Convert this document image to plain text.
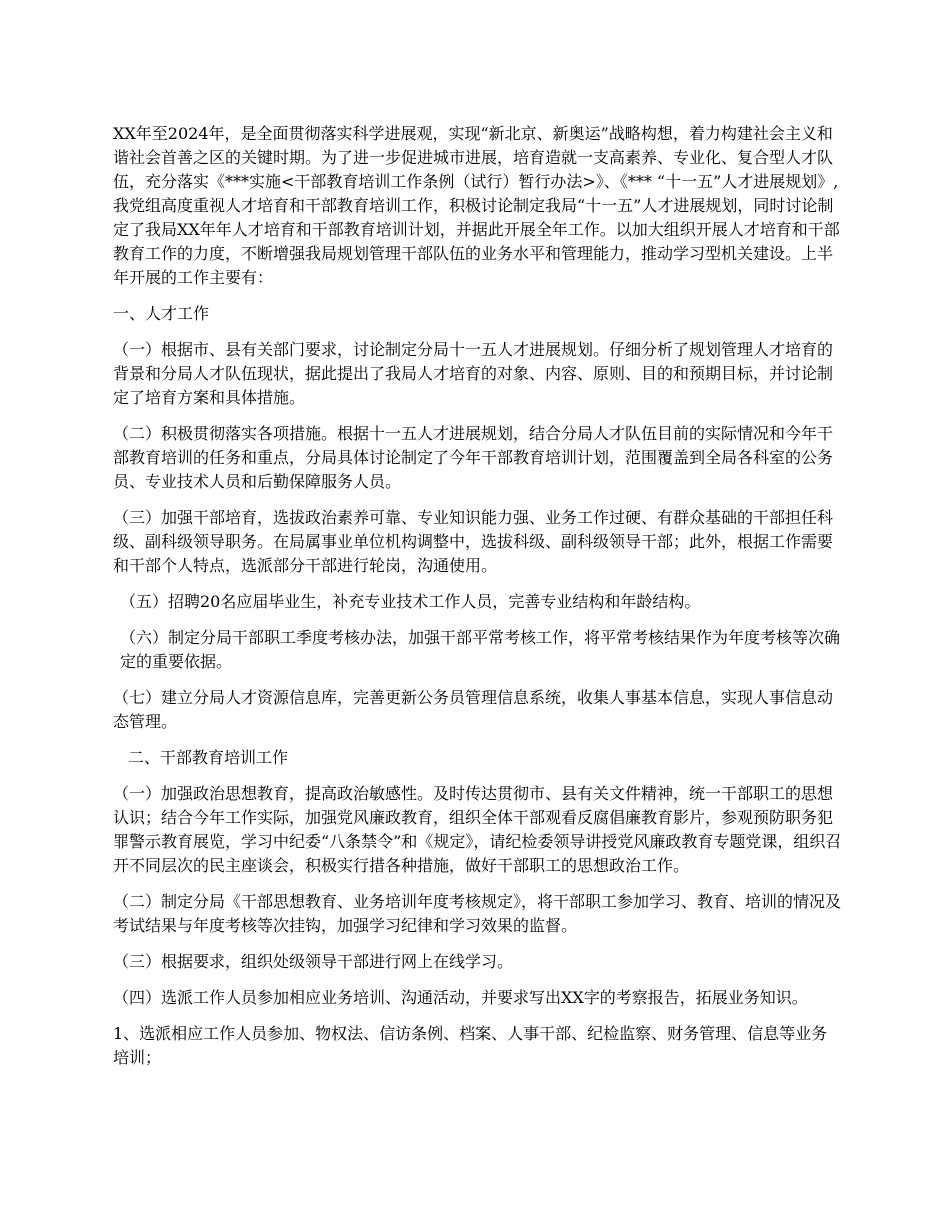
XX年至2024年，是全面贯彻落实科学进展观，实现“新北京、新奥运”战略构想，着力构建社会主义和谐社会首善之区的关键时期。为了进一步促进城市进展，培育造就一支高素养、专业化、复合型人才队伍，充分落实《***实施<干部教育培训工作条例（试行）暂行办法>》、《*** “十一五”人才进展规划》,我党组高度重视人才培育和干部教育培训工作，积极讨论制定我局“十一五”人才进展规划，同时讨论制定了我局XX年年人才培育和干部教育培训计划，并据此开展全年工作。以加大组织开展人才培育和干部教育工作的力度，不断增强我局规划管理干部队伍的业务水平和管理能力，推动学习型机关建设。上半年开展的工作主要有：

一、人才工作

（一）根据市、县有关部门要求，讨论制定分局十一五人才进展规划。仔细分析了规划管理人才培育的背景和分局人才队伍现状，据此提出了我局人才培育的对象、内容、原则、目的和预期目标，并讨论制定了培育方案和具体措施。

（二）积极贯彻落实各项措施。根据十一五人才进展规划，结合分局人才队伍目前的实际情况和今年干部教育培训的任务和重点，分局具体讨论制定了今年干部教育培训计划，范围覆盖到全局各科室的公务员、专业技术人员和后勤保障服务人员。

（三）加强干部培育，选拔政治素养可靠、专业知识能力强、业务工作过硬、有群众基础的干部担任科级、副科级领导职务。在局属事业单位机构调整中，选拔科级、副科级领导干部；此外，根据工作需要和干部个人特点，选派部分干部进行轮岗，沟通使用。

（五）招聘20名应届毕业生，补充专业技术工作人员，完善专业结构和年龄结构。

（六）制定分局干部职工季度考核办法，加强干部平常考核工作，将平常考核结果作为年度考核等次确定的重要依据。

（七）建立分局人才资源信息库，完善更新公务员管理信息系统，收集人事基本信息，实现人事信息动态管理。

二、干部教育培训工作

（一）加强政治思想教育，提高政治敏感性。及时传达贯彻市、县有关文件精神，统一干部职工的思想认识；结合今年工作实际，加强党风廉政教育，组织全体干部观看反腐倡廉教育影片，参观预防职务犯罪警示教育展览，学习中纪委“八条禁令”和《规定》，请纪检委领导讲授党风廉政教育专题党课，组织召开不同层次的民主座谈会，积极实行措各种措施，做好干部职工的思想政治工作。

（二）制定分局《干部思想教育、业务培训年度考核规定》，将干部职工参加学习、教育、培训的情况及考试结果与年度考核等次挂钩，加强学习纪律和学习效果的监督。

（三）根据要求，组织处级领导干部进行网上在线学习。

（四）选派工作人员参加相应业务培训、沟通活动，并要求写出XX字的考察报告，拓展业务知识。

1、选派相应工作人员参加、物权法、信访条例、档案、人事干部、纪检监察、财务管理、信息等业务培训；
